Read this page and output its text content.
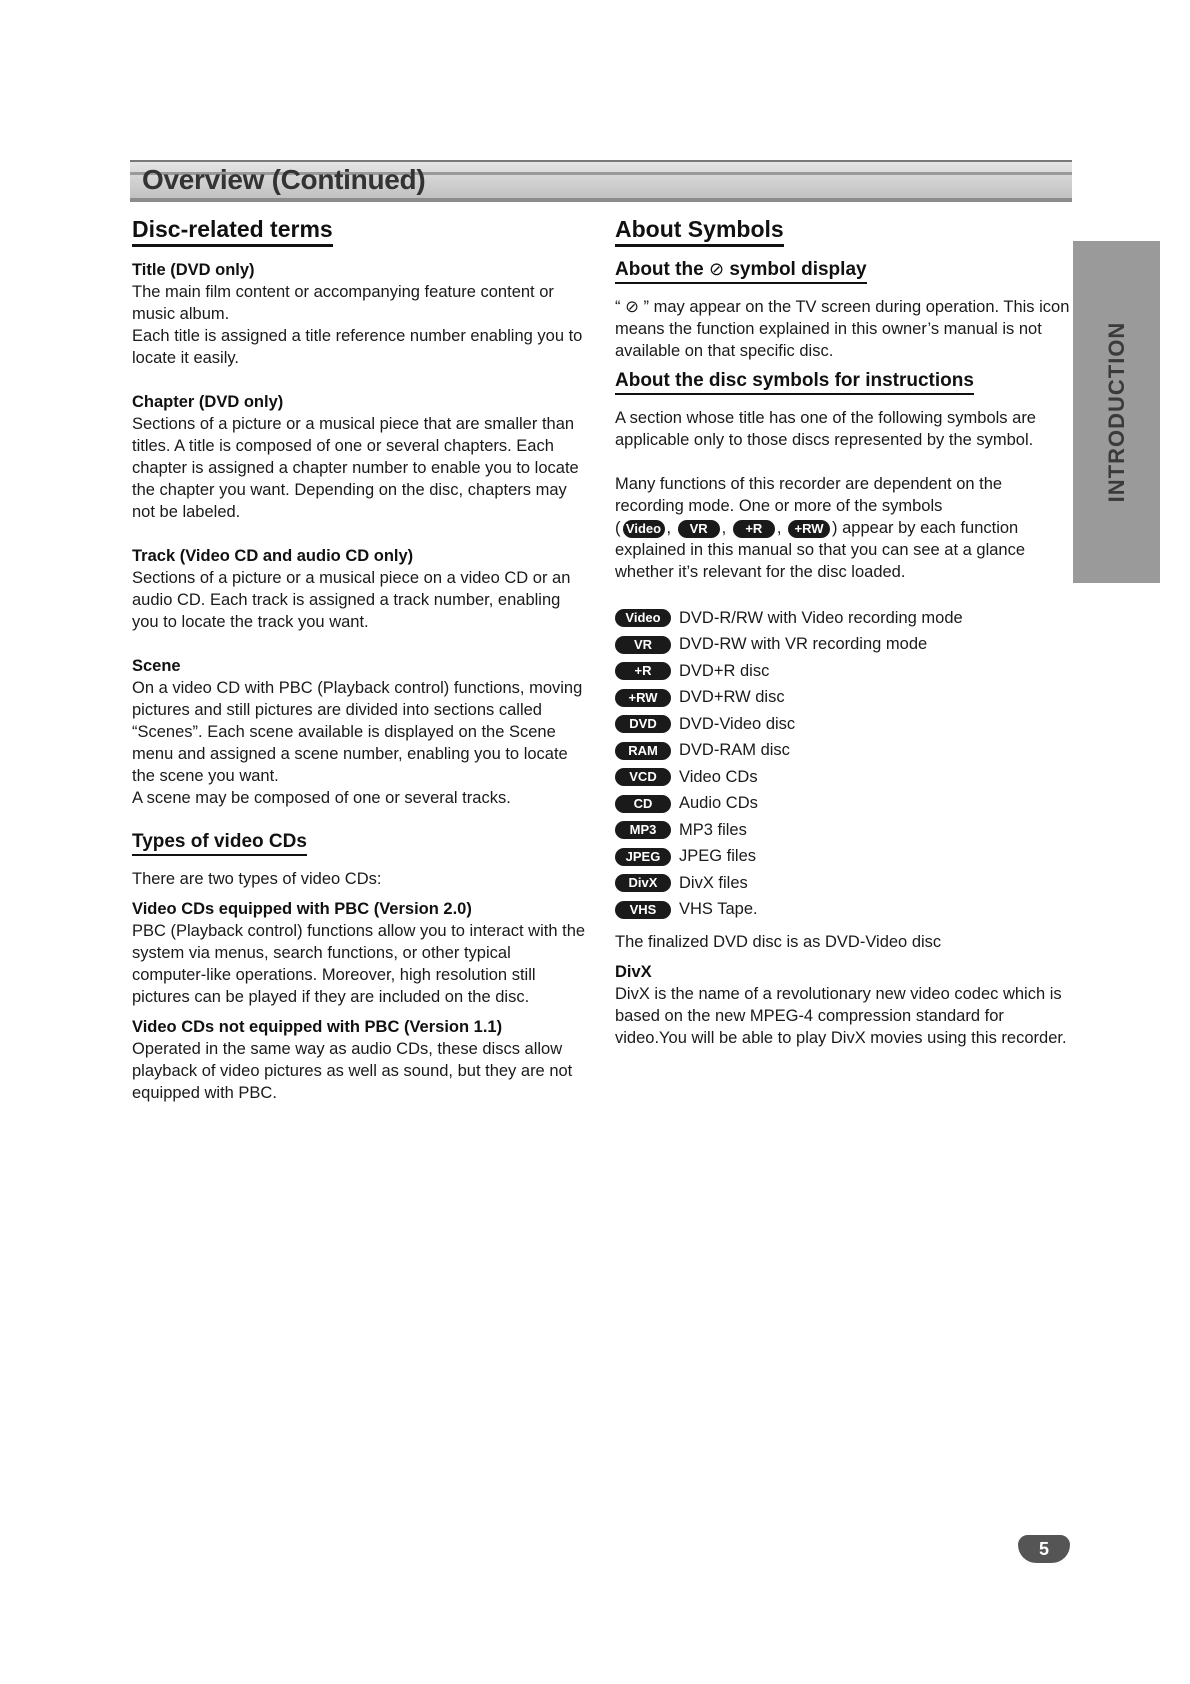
Overview (Continued)
INTRODUCTION
Disc-related terms
Title (DVD only)

The main film content or accompanying feature content or music album.

Each title is assigned a title reference number enabling you to locate it easily.

Chapter (DVD only)

Sections of a picture or a musical piece that are smaller than titles. A title is composed of one or several chapters. Each chapter is assigned a chapter number to enable you to locate the chapter you want. Depending on the disc, chapters may not be labeled.

Track (Video CD and audio CD only)

Sections of a picture or a musical piece on a video CD or an audio CD. Each track is assigned a track number, enabling you to locate the track you want.

Scene

On a video CD with PBC (Playback control) functions, moving pictures and still pictures are divided into sections called “Scenes”. Each scene available is displayed on the Scene menu and assigned a scene number, enabling you to locate the scene you want.

A scene may be composed of one or several tracks.

Types of video CDs

There are two types of video CDs:

Video CDs equipped with PBC (Version 2.0)

PBC (Playback control) functions allow you to interact with the system via menus, search functions, or other typical computer-like operations. Moreover, high resolution still pictures can be played if they are included on the disc.

Video CDs not equipped with PBC (Version 1.1)

Operated in the same way as audio CDs, these discs allow playback of video pictures as well as sound, but they are not equipped with PBC.

About Symbols
About the ⊘ symbol display

“ ⊘ ” may appear on the TV screen during operation. This icon means the function explained in this owner’s manual is not available on that specific disc.

About the disc symbols for instructions

A section whose title has one of the following symbols are applicable only to those discs represented by the symbol.

Many functions of this recorder are dependent on the recording mode. One or more of the symbols
( Video , VR , +R , +RW ) appear by each function explained in this manual so that you can see at a glance whether it’s relevant for the disc loaded.

Video	DVD-R/RW with Video recording mode
VR	DVD-RW with VR recording mode
+R	DVD+R disc
+RW	DVD+RW disc
DVD	DVD-Video disc
RAM	DVD-RAM disc
VCD	Video CDs
CD	Audio CDs
MP3	MP3 files
JPEG	JPEG files
DivX	DivX files
VHS	VHS Tape.

The finalized DVD disc is as DVD-Video disc

DivX

DivX is the name of a revolutionary new video codec which is based on the new MPEG-4 compression standard for video.You will be able to play DivX movies using this recorder.

5
